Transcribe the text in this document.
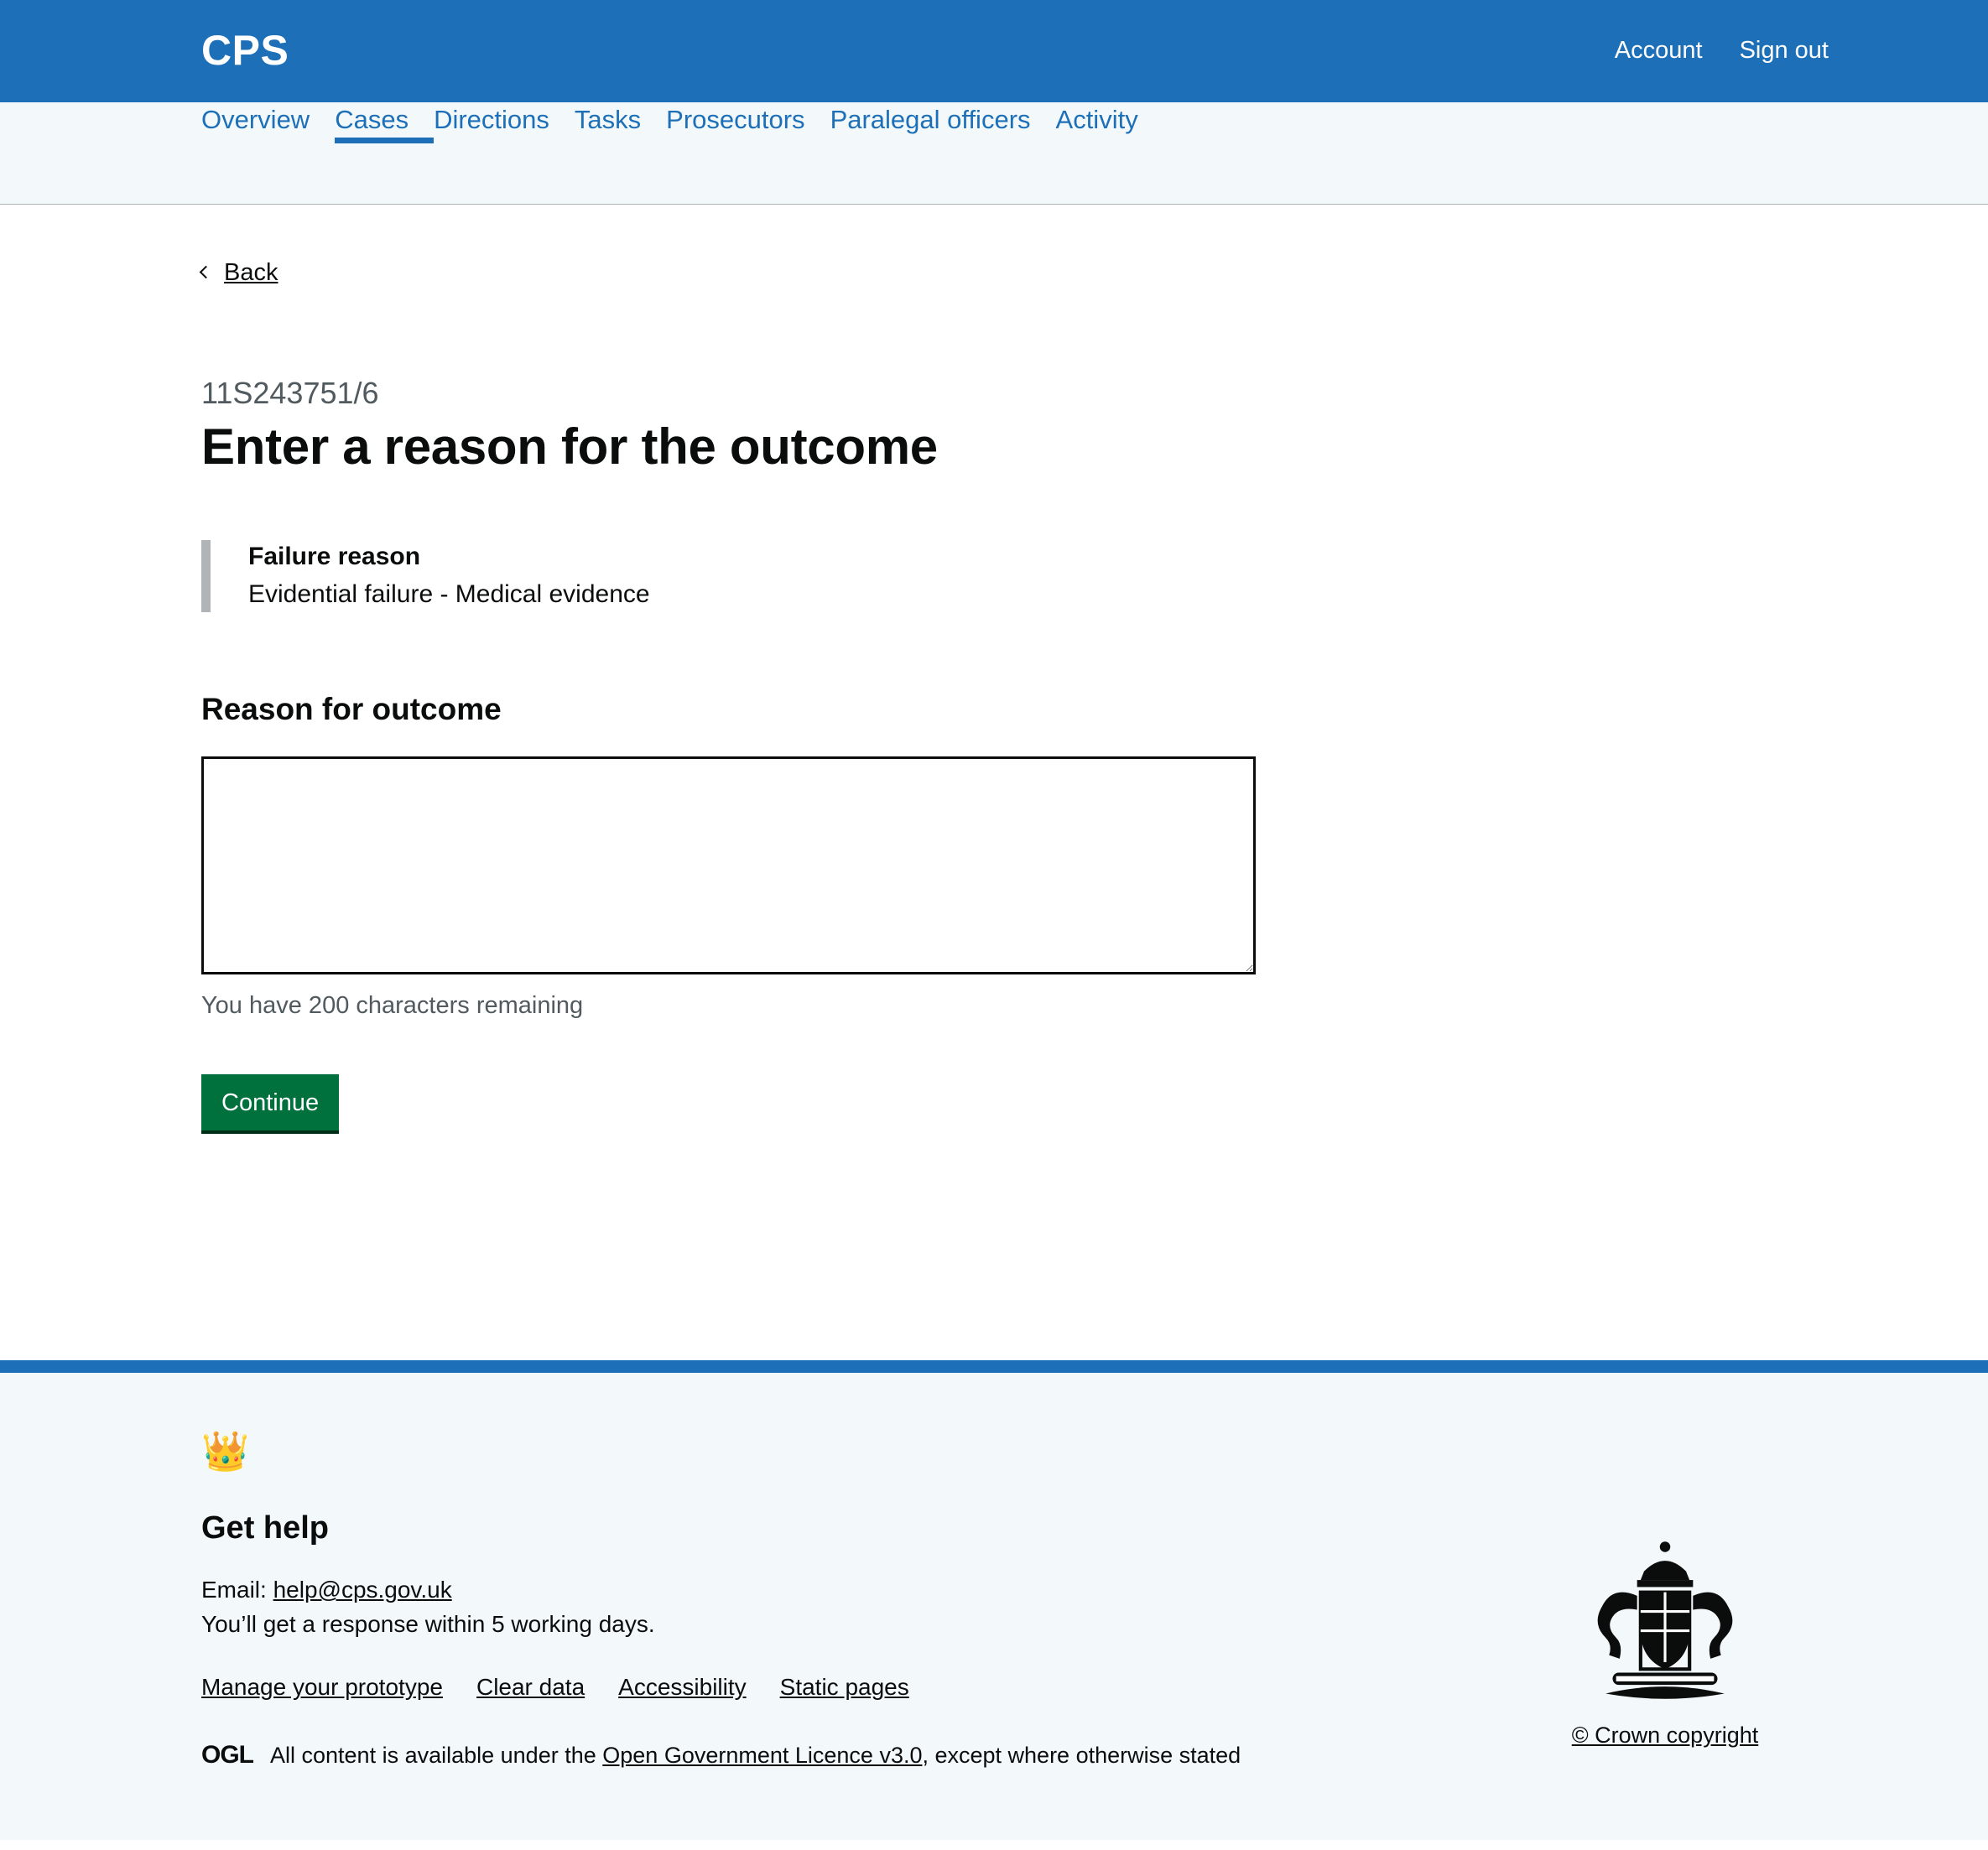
CPS	Account Sign out
Overview Cases Directions Tasks Prosecutors Paralegal officers Activity
Back
11S243751/6
Enter a reason for the outcome
Failure reason
Evidential failure - Medical evidence
Reason for outcome
You have 200 characters remaining
Continue
👑
Get help
Email: help@cps.gov.uk
You’ll get a response within 5 working days.
Manage your prototype Clear data Accessibility Static pages
OGL All content is available under the Open Government Licence v3.0, except where otherwise stated
© Crown copyright
